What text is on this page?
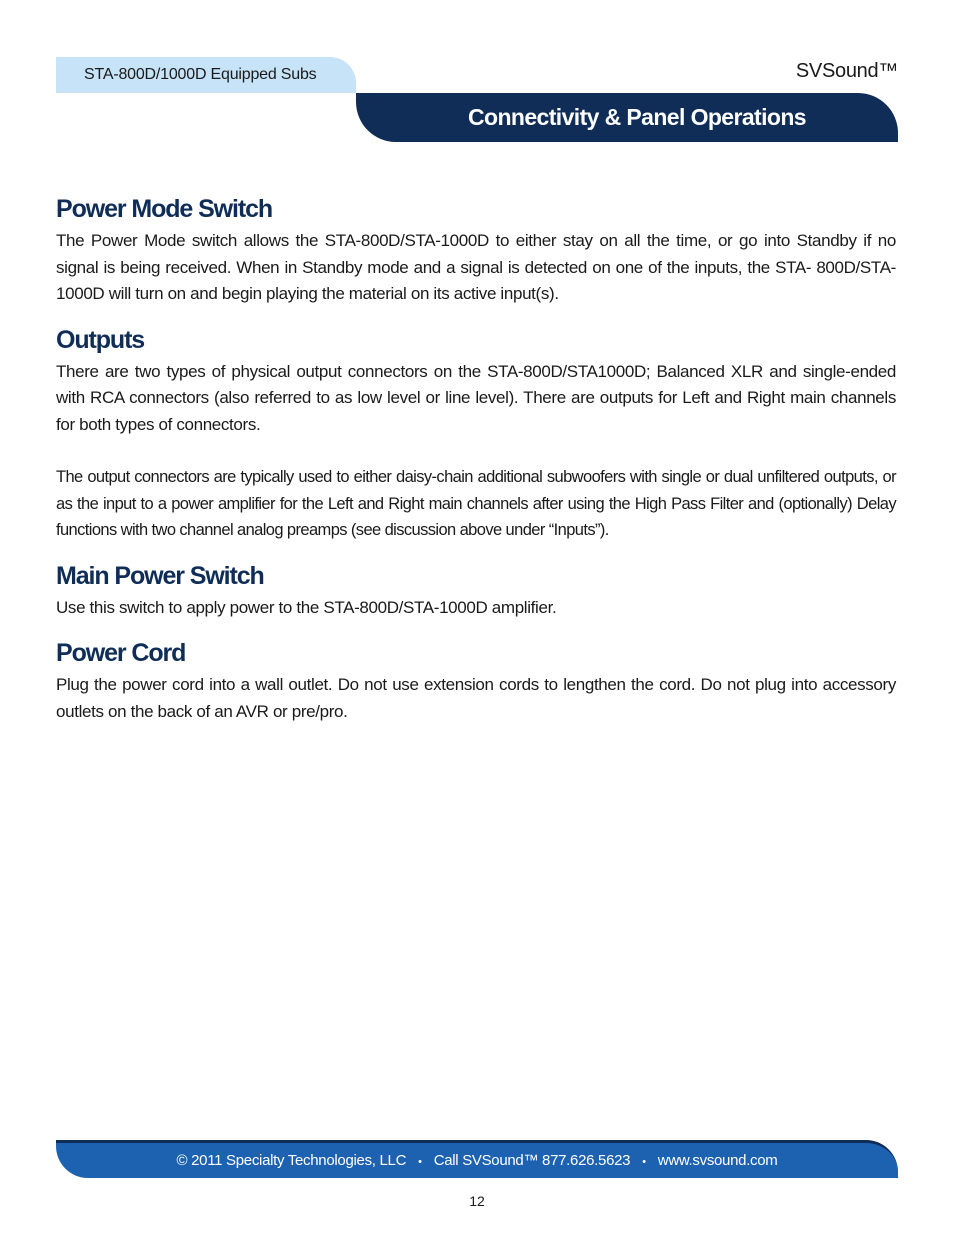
STA-800D/1000D Equipped Subs	SVSound™
Connectivity & Panel Operations
Power Mode Switch

The Power Mode switch allows the STA-800D/STA-1000D to either stay on all the time, or go into Standby if no signal is being received. When in Standby mode and a signal is detected on one of the inputs, the STA- 800D/STA-1000D will turn on and begin playing the material on its active input(s).

Outputs

There are two types of physical output connectors on the STA-800D/STA1000D; Balanced XLR and single-ended with RCA connectors (also referred to as low level or line level). There are outputs for Left and Right main channels for both types of connectors.

The output connectors are typically used to either daisy-chain additional subwoofers with single or dual unfiltered outputs, or as the input to a power amplifier for the Left and Right main channels after using the High Pass Filter and (optionally) Delay functions with two channel analog preamps (see discussion above under “Inputs”).

Main Power Switch

Use this switch to apply power to the STA-800D/STA-1000D amplifier.

Power Cord

Plug the power cord into a wall outlet. Do not use extension cords to lengthen the cord. Do not plug into accessory outlets on the back of an AVR or pre/pro.

© 2011 Specialty Technologies, LLC • Call SVSound™ 877.626.5623 • www.svsound.com
12
